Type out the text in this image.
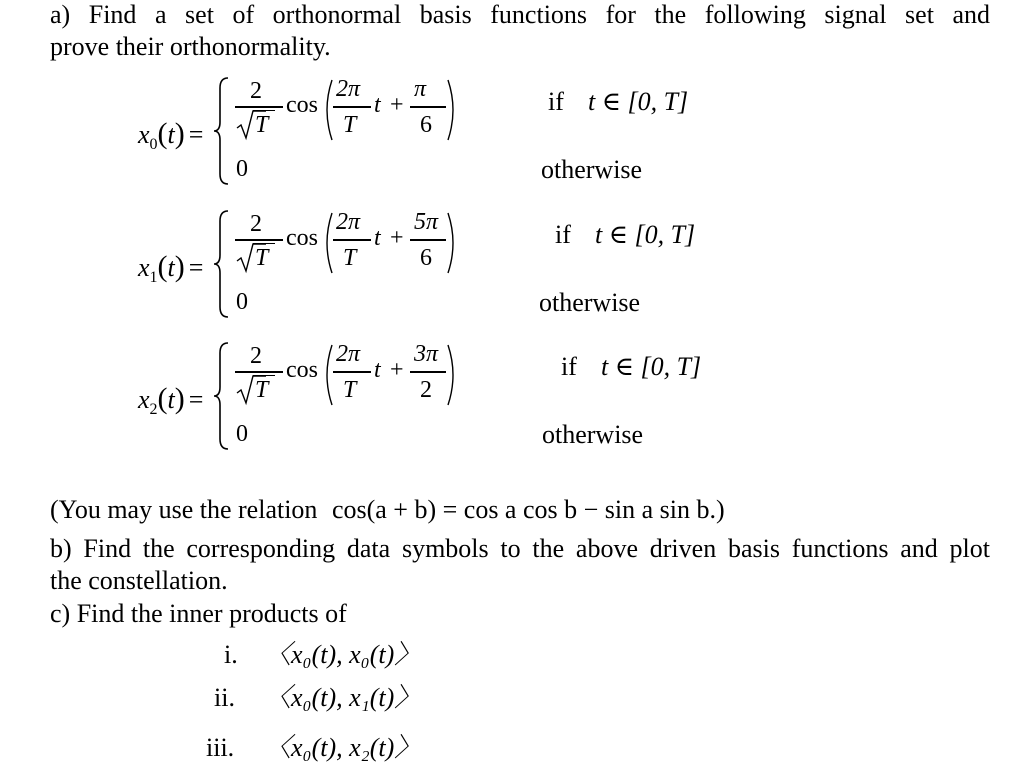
a) Find a set of orthonormal basis functions for the following signal set and
prove their orthonormality.
$x_0(t)$ =
2
T
cos
2π
T
t +
π
6
if t ∈ [0, T]
0	otherwise
$x_1(t)$ =
2
T
cos
2π
T
t +
5π
6
if t ∈ [0, T]
0	otherwise
$x_2(t)$ =
2
T
cos
2π
T
t +
3π
2
if t ∈ [0, T]
0	otherwise
(You may use the relation cos(a + b) = cos a cos b − sin a sin b.)
b) Find the corresponding data symbols to the above driven basis functions and plot
the constellation.
c) Find the inner products of
i. 〈x₀(t), x₀(t)〉
ii. 〈x₀(t), x₁(t)〉
iii. 〈x₀(t), x₂(t)〉
